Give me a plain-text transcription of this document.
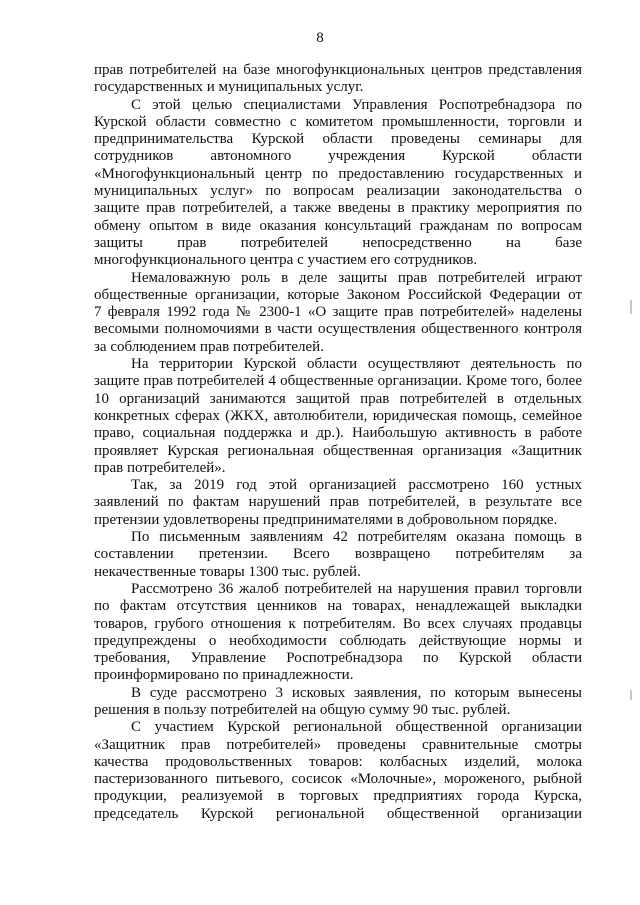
8
прав потребителей на базе многофункциональных центров представления
государственных и муниципальных услуг.
С этой целью специалистами Управления Роспотребнадзора по
Курской области совместно с комитетом промышленности, торговли и
предпринимательства Курской области проведены семинары для
сотрудников автономного учреждения Курской области
«Многофункциональный центр по предоставлению государственных и
муниципальных услуг» по вопросам реализации законодательства о
защите прав потребителей, а также введены в практику мероприятия по
обмену опытом в виде оказания консультаций гражданам по вопросам
защиты прав потребителей непосредственно на базе
многофункционального центра с участием его сотрудников.
Немаловажную роль в деле защиты прав потребителей играют
общественные организации, которые Законом Российской Федерации от
7 февраля 1992 года № 2300-1 «О защите прав потребителей» наделены
весомыми полномочиями в части осуществления общественного контроля
за соблюдением прав потребителей.
На территории Курской области осуществляют деятельность по
защите прав потребителей 4 общественные организации. Кроме того, более
10 организаций занимаются защитой прав потребителей в отдельных
конкретных сферах (ЖКХ, автолюбители, юридическая помощь, семейное
право, социальная поддержка и др.). Наибольшую активность в работе
проявляет Курская региональная общественная организация «Защитник
прав потребителей».
Так, за 2019 год этой организацией рассмотрено 160 устных
заявлений по фактам нарушений прав потребителей, в результате все
претензии удовлетворены предпринимателями в добровольном порядке.
По письменным заявлениям 42 потребителям оказана помощь в
составлении претензии. Всего возвращено потребителям за
некачественные товары 1300 тыс. рублей.
Рассмотрено 36 жалоб потребителей на нарушения правил торговли
по фактам отсутствия ценников на товарах, ненадлежащей выкладки
товаров, грубого отношения к потребителям. Во всех случаях продавцы
предупреждены о необходимости соблюдать действующие нормы и
требования, Управление Роспотребнадзора по Курской области
проинформировано по принадлежности.
В суде рассмотрено 3 исковых заявления, по которым вынесены
решения в пользу потребителей на общую сумму 90 тыс. рублей.
С участием Курской региональной общественной организации
«Защитник прав потребителей» проведены сравнительные смотры
качества продовольственных товаров: колбасных изделий, молока
пастеризованного питьевого, сосисок «Молочные», мороженого, рыбной
продукции, реализуемой в торговых предприятиях города Курска,
председатель Курской региональной общественной организации
